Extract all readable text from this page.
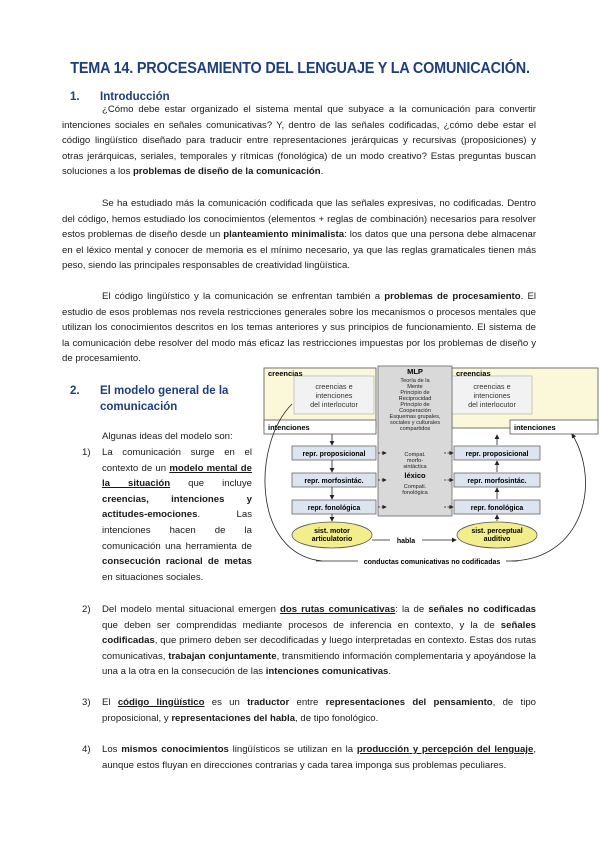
TEMA 14. PROCESAMIENTO DEL LENGUAJE Y LA COMUNICACIÓN.
1. Introducción

¿Cómo debe estar organizado el sistema mental que subyace a la comunicación para convertir intenciones sociales en señales comunicativas? Y, dentro de las señales codificadas, ¿cómo debe estar el código lingüístico diseñado para traducir entre representaciones jerárquicas y recursivas (proposiciones) y otras jerárquicas, seriales, temporales y rítmicas (fonológica) de un modo creativo? Estas preguntas buscan soluciones a los problemas de diseño de la comunicación.

Se ha estudiado más la comunicación codificada que las señales expresivas, no codificadas. Dentro del código, hemos estudiado los conocimientos (elementos + reglas de combinación) necesarios para resolver estos problemas de diseño desde un planteamiento minimalista: los datos que una persona debe almacenar en el léxico mental y conocer de memoria es el mínimo necesario, ya que las reglas gramaticales tienen más peso, siendo las principales responsables de creatividad lingüística.

El código lingüístico y la comunicación se enfrentan también a problemas de procesamiento. El estudio de esos problemas nos revela restricciones generales sobre los mecanismos o procesos mentales que utilizan los conocimientos descritos en los temas anteriores y sus principios de funcionamiento. El sistema de la comunicación debe resolver del modo más eficaz las restricciones impuestas por los problemas de diseño y de procesamiento.

2. El modelo general de la
comunicación
Algunas ideas del modelo son:

1) La comunicación surge en el contexto de un modelo mental de la situación que incluye creencias, intenciones y actitudes-emociones. Las intenciones hacen de la comunicación una herramienta de consecución racional de metas en situaciones sociales.

2) Del modelo mental situacional emergen dos rutas comunicativas: la de señales no codificadas que deben ser comprendidas mediante procesos de inferencia en contexto, y la de señales codificadas, que primero deben ser decodificadas y luego interpretadas en contexto. Estas dos rutas comunicativas, trabajan conjuntamente, transmitiendo información complementaria y apoyándose la una a la otra en la consecución de las intenciones comunicativas.

3) El código lingüístico es un traductor entre representaciones del pensamiento, de tipo proposicional, y representaciones del habla, de tipo fonológico.

4) Los mismos conocimientos lingüísticos se utilizan en la producción y percepción del lenguaje, aunque estos fluyan en direcciones contrarias y cada tarea imponga sus problemas peculiares.

creencias
creencias e
intenciones
del interlocutor
intenciones
creencias
creencias e
intenciones
del interlocutor
intenciones
MLP
Teoría de la
Mente
Principio de
Reciprocidad
Principio de
Cooperación
Esquemas grupales,
sociales y culturales
compartidos
Compat.
morfo-
sintáctica
léxico
Compati.
fonológica
repr. proposicional
repr. morfosintác.
repr. fonológica
repr. proposicional
repr. morfosintác.
repr. fonológica
sist. motor
articulatorio
sist. perceptual
auditivo
habla
conductas comunicativas no codificadas
